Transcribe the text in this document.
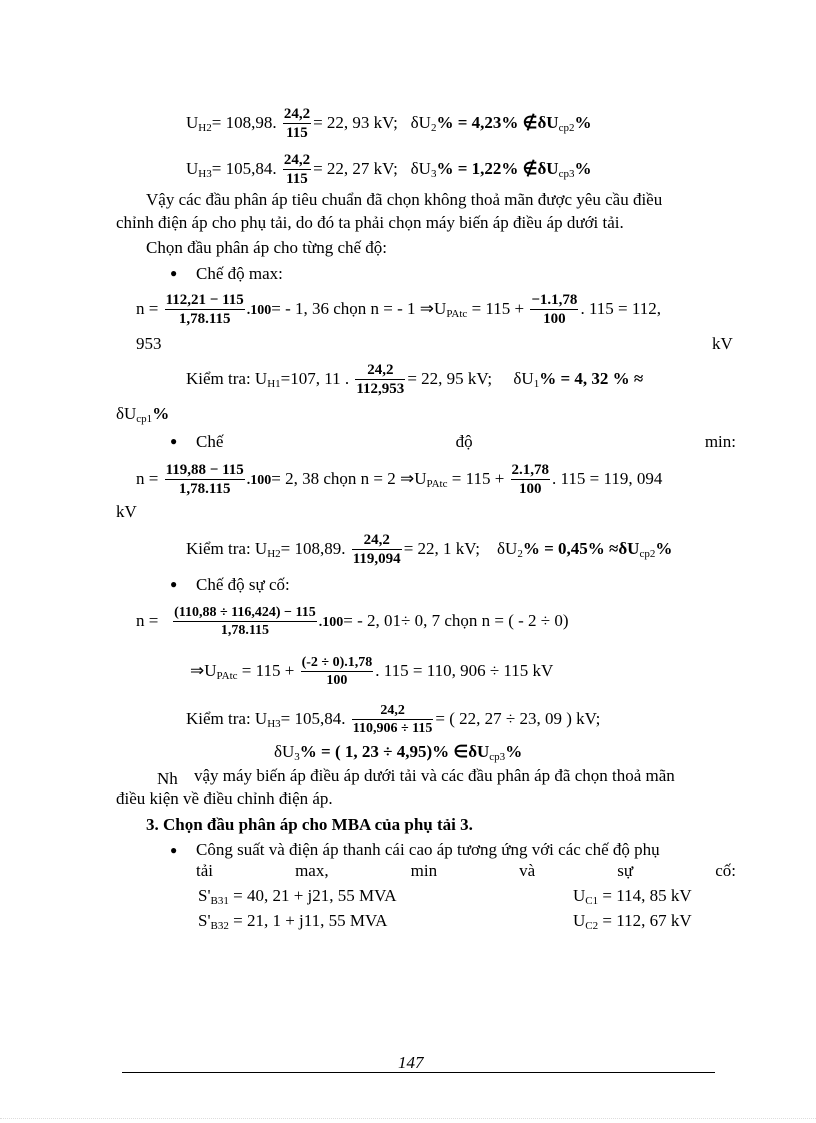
$U_{H2}= 108,98$. $\frac{24,2}{115} = 22$, 93 kV; $\delta U_2\% = 4,23\%$ $\notin\delta U_{cp2}\%$
$U_{H3}= 105,84$. $\frac{24,2}{115} = 22$, 27 kV; $\delta U_3\% = 1,22\%$ $\notin\delta U_{cp3}\%$
Vậy các đầu phân áp tiêu chuẩn đã chọn không thoả mãn được yêu cầu điều
chỉnh điện áp cho phụ tải, do đó ta phải chọn máy biến áp điều áp dưới tải.
Chọn đầu phân áp cho từng chế độ:
● Chế độ max:
$n = \frac{112,21 - 115}{1,78.115} .100= - 1$, 36 chọn n = - 1 $\Rightarrow U_{PAtc} = 115 + \frac{-1.1,78}{100}$ . 115 = 112,
953	kV
Kiểm tra: $U_{H1}=107$, 11 . $\frac{24,2}{112,953} = 22$, 95 kV; $\delta U_1\% = 4$, 32 % ≈
$\delta U_{cp1}\%$
● Chế	độ	min:
$n = \frac{119,88 - 115}{1,78.115} .100= 2$, 38 chọn n = 2 $\Rightarrow U_{PAtc} = 115 + \frac{2.1,78}{100}$ . 115 = 119, 094
kV
Kiểm tra: $U_{H2}= 108,89$. $\frac{24,2}{119,094} = 22$, 1 kV; $\delta U_2\% = 0,45\% \approx\delta U_{cp2}\%$
● Chế độ sự cố:
$n = \frac{(110,88 \div 116,424) - 115}{1,78.115} .100= - 2$, 01÷ 0, 7 chọn n = ( - 2 ÷ 0)
$\Rightarrow U_{PAtc} = 115 + \frac{(-2 \div 0).1,78}{100}$ . 115 = 110, 906 ÷ 115 kV
Kiểm tra: $U_{H3}= 105,84$. $\frac{24,2}{110,906 \div 115}$ = ( 22, 27 ÷ 23, 09 ) kV;
$\delta U_3\%$ = ( 1, 23 ÷ 4,95)% $\in\delta U_{cp3}\%$
Nh vậy máy biến áp điều áp dưới tải và các đầu phân áp đã chọn thoả mãn
điều kiện về điều chỉnh điện áp.
3. Chọn đầu phân áp cho MBA của phụ tải 3.
● Công suất và điện áp thanh cái cao áp tương ứng với các chế độ phụ
tải	max,	min	và	sự	cố:
$S'_{B31} = 40$, 21 + j21, 55 MVA	$U_{C1} = 114$, 85 kV
$S'_{B32} = 21$, 1 + j11, 55 MVA	$U_{C2} = 112$, 67 kV
147
